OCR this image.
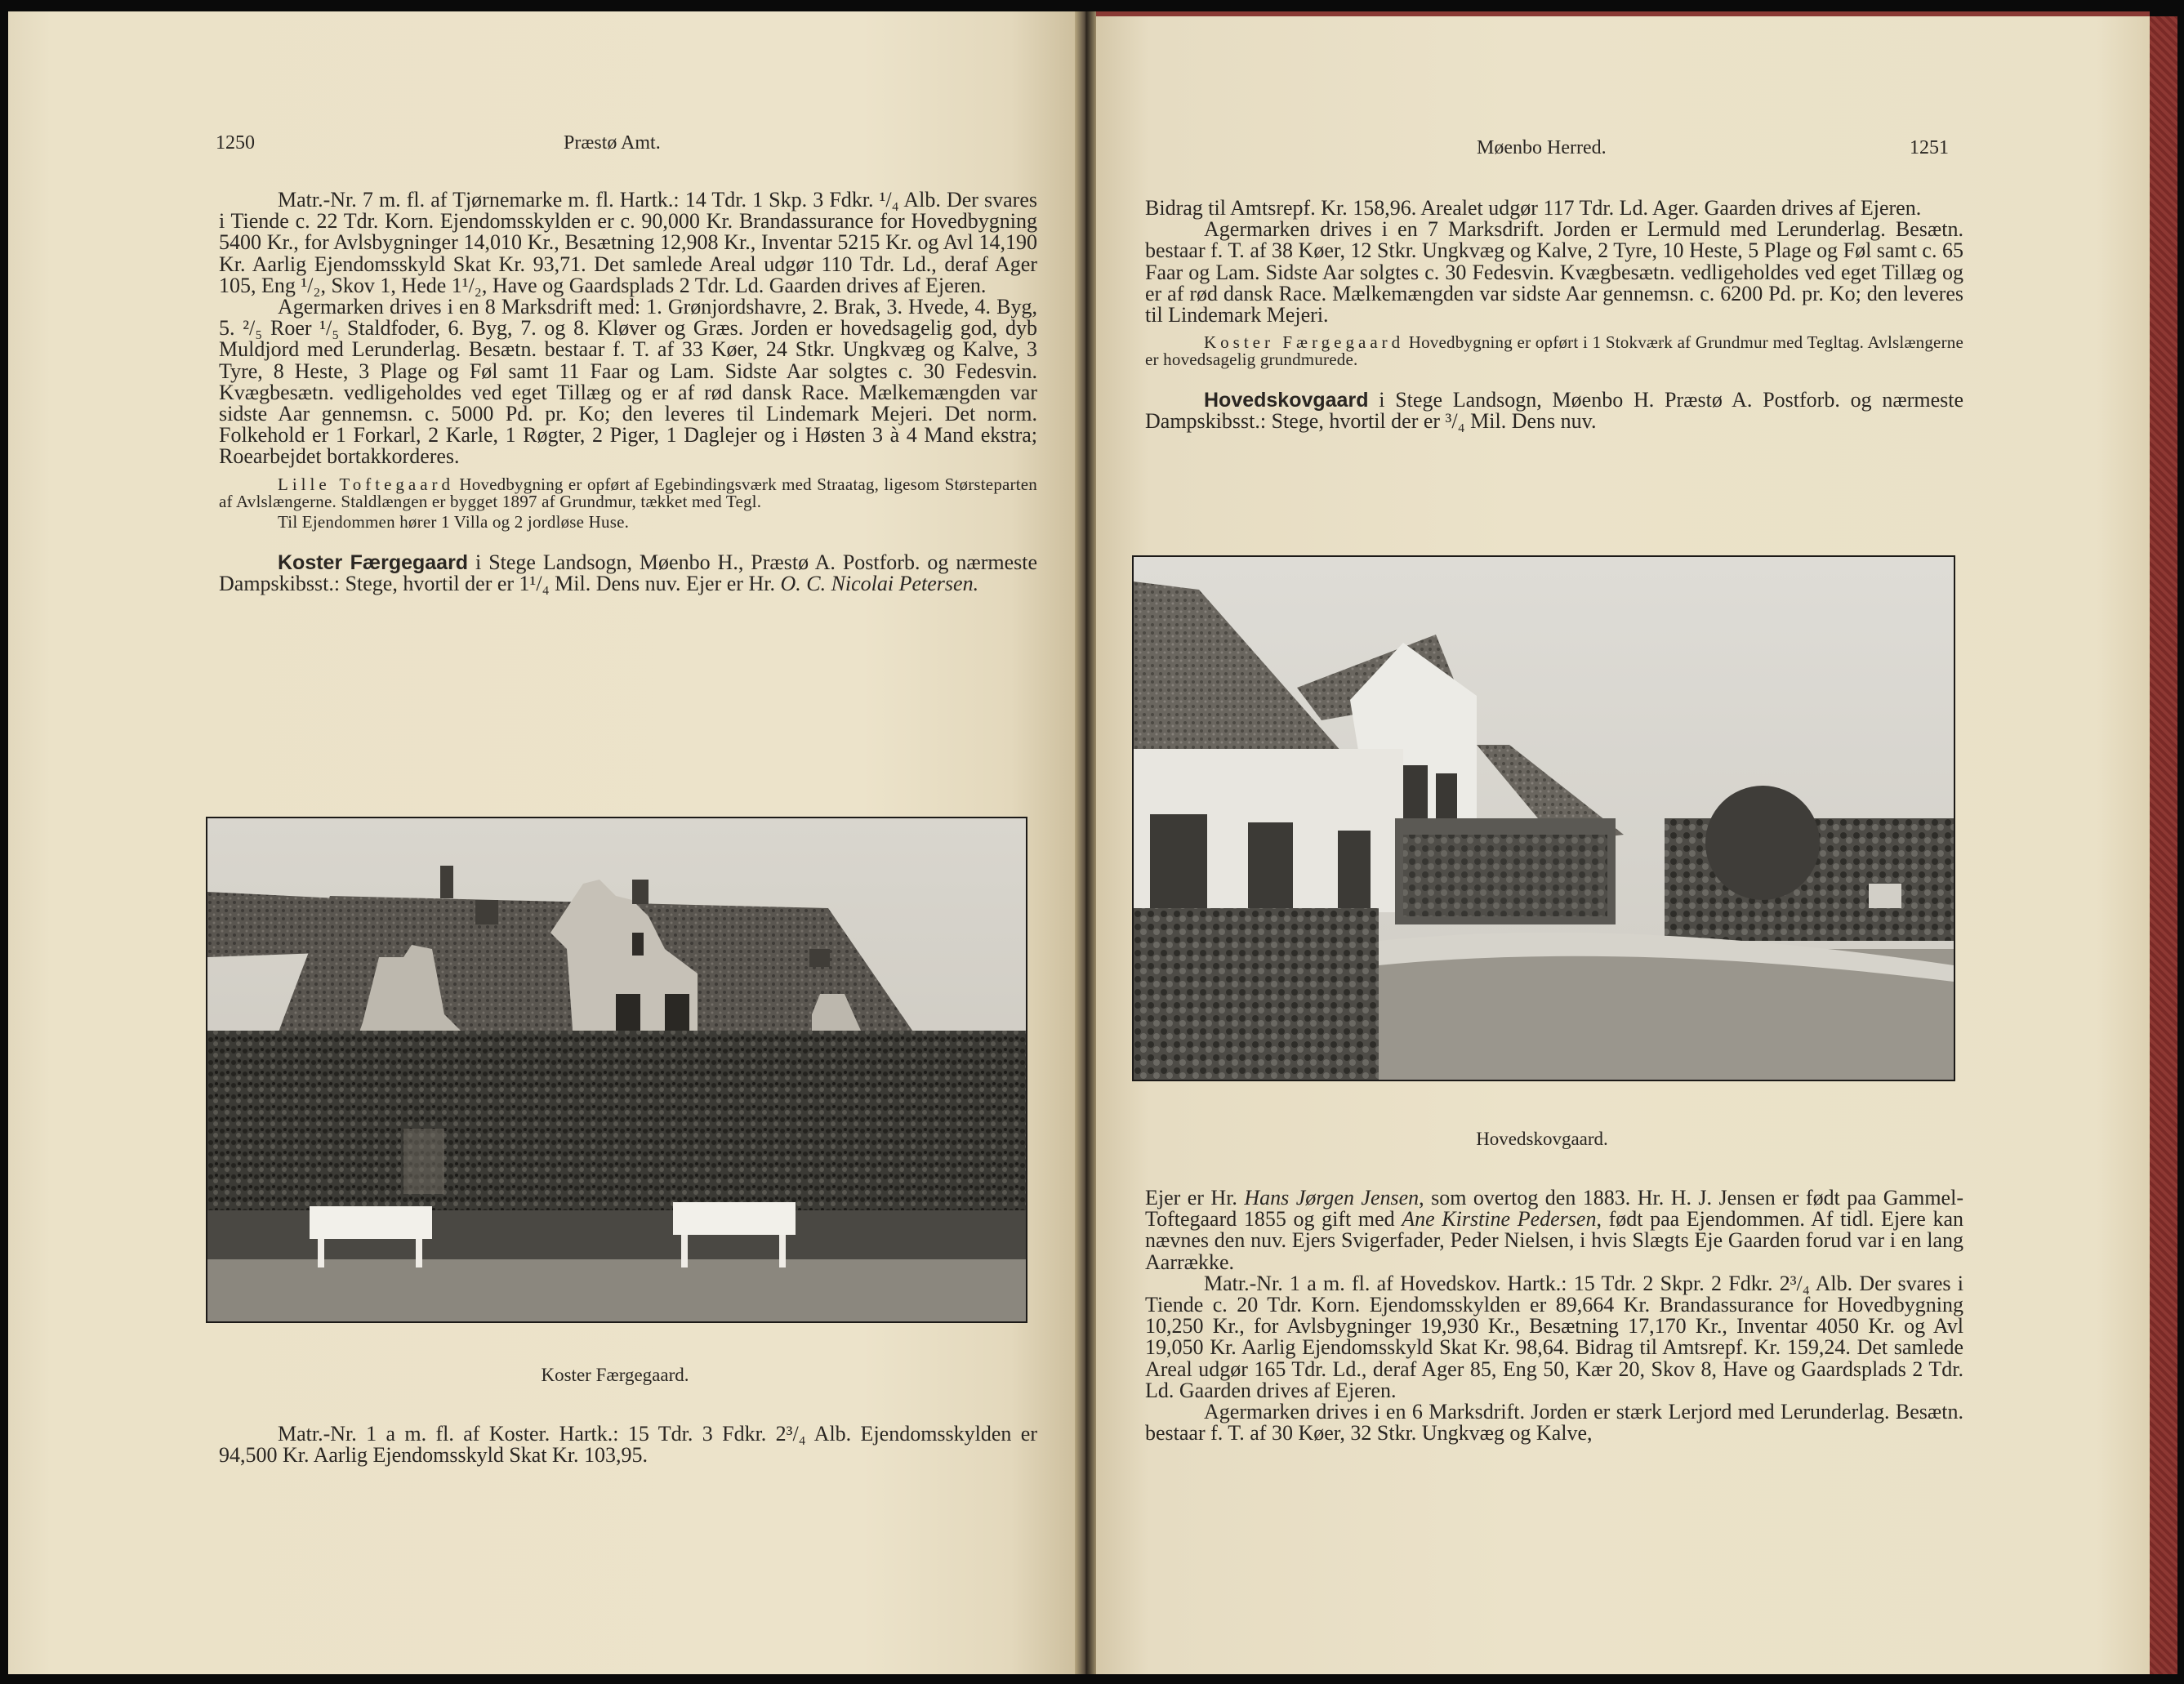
1250	Præstø Amt.

Matr.-Nr. 7 m. fl. af Tjørnemarke m. fl. Hartk.: 14 Tdr. 1 Skp. 3 Fdkr. ¹/₄ Alb. Der svares i Tiende c. 22 Tdr. Korn. Ejendomsskylden er c. 90,000 Kr. Brandassurance for Hovedbygning 5400 Kr., for Avlsbygninger 14,010 Kr., Besætning 12,908 Kr., Inventar 5215 Kr. og Avl 14,190 Kr. Aarlig Ejendomsskyld Skat Kr. 93,71. Det samlede Areal udgør 110 Tdr. Ld., deraf Ager 105, Eng ¹/₂, Skov 1, Hede 1¹/₂, Have og Gaardsplads 2 Tdr. Ld. Gaarden drives af Ejeren.

Agermarken drives i en 8 Marksdrift med: 1. Grønjordshavre, 2. Brak, 3. Hvede, 4. Byg, 5. ²/₅ Roer ¹/₅ Staldfoder, 6. Byg, 7. og 8. Kløver og Græs. Jorden er hovedsagelig god, dyb Muldjord med Lerunderlag. Besætn. bestaar f. T. af 33 Køer, 24 Stkr. Ungkvæg og Kalve, 3 Tyre, 8 Heste, 3 Plage og Føl samt 11 Faar og Lam. Sidste Aar solgtes c. 30 Fedesvin. Kvægbesætn. vedligeholdes ved eget Tillæg og er af rød dansk Race. Mælkemængden var sidste Aar gennemsn. c. 5000 Pd. pr. Ko; den leveres til Lindemark Mejeri. Det norm. Folkehold er 1 Forkarl, 2 Karle, 1 Røgter, 2 Piger, 1 Daglejer og i Høsten 3 à 4 Mand ekstra; Roearbejdet bortakkorderes.

Lille Toftegaard Hovedbygning er opført af Egebindingsværk med Straatag, ligesom Størsteparten af Avlslængerne. Staldlængen er bygget 1897 af Grundmur, tækket med Tegl.

Til Ejendommen hører 1 Villa og 2 jordløse Huse.

Koster Færgegaard i Stege Landsogn, Møenbo H., Præstø A. Postforb. og nærmeste Dampskibsst.: Stege, hvortil der er 1¹/₄ Mil. Dens nuv. Ejer er Hr. O. C. Nicolai Petersen.

Koster Færgegaard.

Matr.-Nr. 1 a m. fl. af Koster. Hartk.: 15 Tdr. 3 Fdkr. 2³/₄ Alb. Ejendomsskylden er 94,500 Kr. Aarlig Ejendomsskyld Skat Kr. 103,95.

Møenbo Herred.	1251

Bidrag til Amtsrepf. Kr. 158,96. Arealet udgør 117 Tdr. Ld. Ager. Gaarden drives af Ejeren.

Agermarken drives i en 7 Marksdrift. Jorden er Lermuld med Lerunderlag. Besætn. bestaar f. T. af 38 Køer, 12 Stkr. Ungkvæg og Kalve, 2 Tyre, 10 Heste, 5 Plage og Føl samt c. 65 Faar og Lam. Sidste Aar solgtes c. 30 Fedesvin. Kvægbesætn. vedligeholdes ved eget Tillæg og er af rød dansk Race. Mælkemængden var sidste Aar gennemsn. c. 6200 Pd. pr. Ko; den leveres til Lindemark Mejeri.

Koster Færgegaard Hovedbygning er opført i 1 Stokværk af Grundmur med Tegltag. Avlslængerne er hovedsagelig grundmurede.

Hovedskovgaard i Stege Landsogn, Møenbo H. Præstø A. Postforb. og nærmeste Dampskibsst.: Stege, hvortil der er ³/₄ Mil. Dens nuv.

Hovedskovgaard.

Ejer er Hr. Hans Jørgen Jensen, som overtog den 1883. Hr. H. J. Jensen er født paa Gammel-Toftegaard 1855 og gift med Ane Kirstine Pedersen, født paa Ejendommen. Af tidl. Ejere kan nævnes den nuv. Ejers Svigerfader, Peder Nielsen, i hvis Slægts Eje Gaarden forud var i en lang Aarrække.

Matr.-Nr. 1 a m. fl. af Hovedskov. Hartk.: 15 Tdr. 2 Skpr. 2 Fdkr. 2³/₄ Alb. Der svares i Tiende c. 20 Tdr. Korn. Ejendomsskylden er 89,664 Kr. Brandassurance for Hovedbygning 10,250 Kr., for Avlsbygninger 19,930 Kr., Besætning 17,170 Kr., Inventar 4050 Kr. og Avl 19,050 Kr. Aarlig Ejendomsskyld Skat Kr. 98,64. Bidrag til Amtsrepf. Kr. 159,24. Det samlede Areal udgør 165 Tdr. Ld., deraf Ager 85, Eng 50, Kær 20, Skov 8, Have og Gaardsplads 2 Tdr. Ld. Gaarden drives af Ejeren.

Agermarken drives i en 6 Marksdrift. Jorden er stærk Lerjord med Lerunderlag. Besætn. bestaar f. T. af 30 Køer, 32 Stkr. Ungkvæg og Kalve,
